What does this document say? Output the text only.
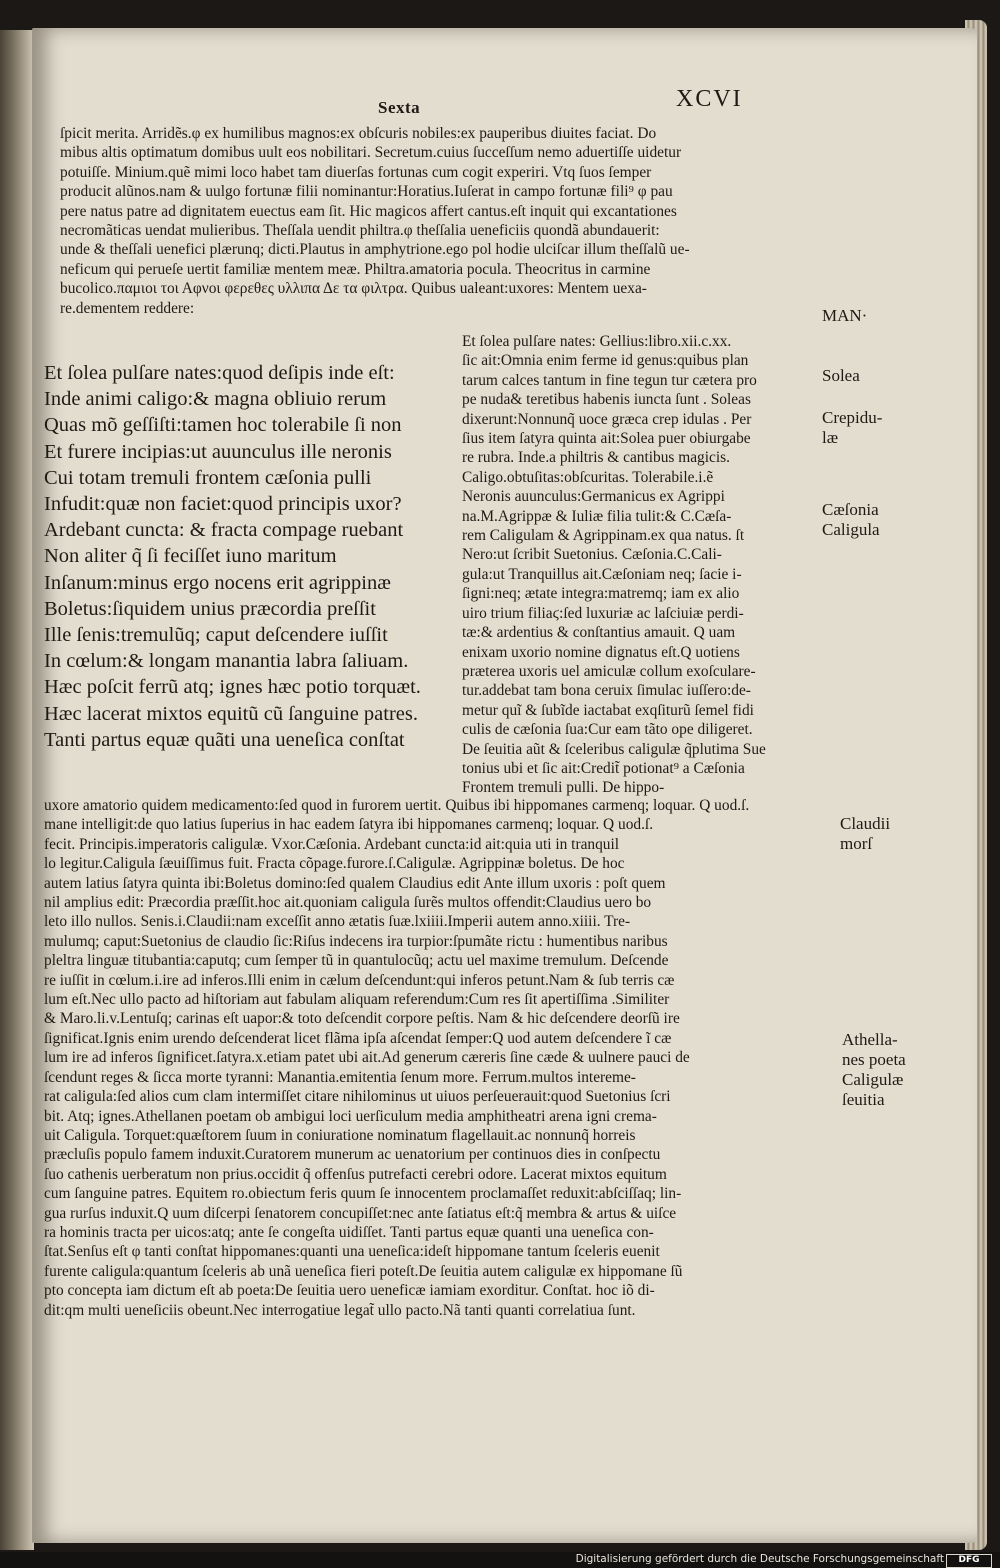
Sexta	XCVI
ſpicit merita. Arridẽs.φ ex humilibus magnos:ex obſcuris nobiles:ex pauperibus diuites faciat. Do
mibus altis optimatum domibus uult eos nobilitari. Secretum.cuius ſucceſſum nemo aduertiſſe uidetur
potuiſſe. Minium.quẽ mimi loco habet tam diuerſas fortunas cum cogit experiri. Vtq ſuos ſemper
producit alũnos.nam & uulgo fortunæ filii nominantur:Horatius.Iuſerat in campo fortunæ fili⁹ φ pau
pere natus patre ad dignitatem euectus eam ſit. Hic magicos affert cantus.eſt inquit qui excantationes
necromãticas uendat mulieribus. Theſſala uendit philtra.φ theſſalia ueneficiis quondã abundauerit:
unde & theſſali uenefici plærunq; dicti.Plautus in amphytrione.ego pol hodie ulciſcar illum theſſalũ ue-
neficum qui perueſe uertit familiæ mentem meæ. Philtra.amatoria pocula. Theocritus in carmine
bucolico.παμιοι τοι Αφνοι φερεθες υλλιπα Δε τα φιλτρα. Quibus ualeant:uxores: Mentem uexa-
re.dementem reddere:
Et ſolea pulſare nates:quod deſipis inde eſt:
Inde animi caligo:& magna obliuio rerum
Quas mõ geſſiſti:tamen hoc tolerabile ſi non
Et furere incipias:ut auunculus ille neronis
Cui totam tremuli frontem cæſonia pulli
Infudit:quæ non faciet:quod principis uxor?
Ardebant cuncta: & fracta compage ruebant
Non aliter q̃ ſi feciſſet iuno maritum
Inſanum:minus ergo nocens erit agrippinæ
Boletus:ſiquidem unius præcordia preſſit
Ille ſenis:tremulũq; caput deſcendere iuſſit
In cœlum:& longam manantia labra ſaliuam.
Hæc poſcit ferrũ atq; ignes hæc potio torquæt.
Hæc lacerat mixtos equitũ cũ ſanguine patres.
Tanti partus equæ quãti una ueneſica conſtat
Et ſolea pulſare nates: Gellius:libro.xii.c.xx.
ſic ait:Omnia enim ferme id genus:quibus plan
tarum calces tantum in fine tegun tur cætera pro
pe nuda& teretibus habenis iuncta ſunt . Soleas
dixerunt:Nonnunq̃ uoce græca crep idulas . Per
ſius item ſatyra quinta ait:Solea puer obiurgabe
re rubra. Inde.a philtris & cantibus magicis.
Caligo.obtuſitas:obſcuritas. Tolerabile.i.ẽ
Neronis auunculus:Germanicus ex Agrippi
na.M.Agrippæ & Iuliæ filia tulit:& C.Cæſa-
rem Caligulam & Agrippinam.ex qua natus. ſt
Nero:ut ſcribit Suetonius. Cæſonia.C.Cali-
gula:ut Tranquillus ait.Cæſoniam neq; ſacie i-
ſigni:neq; ætate integra:matremq; iam ex alio
uiro trium filiaϛ:ſed luxuriæ ac laſciuiæ perdi-
tæ:& ardentius & conſtantius amauit. Q uam
enixam uxorio nomine dignatus eſt.Q uotiens
præterea uxoris uel amiculæ collum exoſculare-
tur.addebat tam bona ceruix ſimulac iuſſero:de-
metur quĩ & ſubĩde iactabat exqſiturũ ſemel fidi
culis de cæſonia ſua:Cur eam tãto ope diligeret.
De ſeuitia aũt & ſceleribus caligulæ q̃plutima Sue
tonius ubi et ſic ait:Credit̃ potionat⁹ a Cæſonia
Frontem tremuli pulli. De hippo-
uxore amatorio quidem medicamento:ſed quod in furorem uertit. Quibus ibi hippomanes carmenq; loquar. Q uod.ſ.
mane intelligit:de quo latius ſuperius in hac eadem ſatyra ibi hippomanes carmenq; loquar. Q uod.ſ.
fecit. Principis.imperatoris caligulæ. Vxor.Cæſonia. Ardebant cuncta:id ait:quia uti in tranquil
lo legitur.Caligula ſæuiſſimus fuit. Fracta cõpage.furore.ſ.Caligulæ. Agrippinæ boletus. De hoc
autem latius ſatyra quinta ibi:Boletus domino:ſed qualem Claudius edit Ante illum uxoris : poſt quem
nil amplius edit: Præcordia præſſit.hoc ait.quoniam caligula ſurẽs multos offendit:Claudius uero bo
leto illo nullos. Senis.i.Claudii:nam exceſſit anno ætatis ſuæ.lxiiii.Imperii autem anno.xiiii. Tre-
mulumq; caput:Suetonius de claudio ſic:Riſus indecens ira turpior:ſpumãte rictu : humentibus naribus
pleltra linguæ titubantia:caputq; cum ſemper tũ in quantulocũq; actu uel maxime tremulum. Deſcende
re iuſſit in cœlum.i.ire ad inferos.Illi enim in cælum deſcendunt:qui inferos petunt.Nam & ſub terris cæ
lum eſt.Nec ullo pacto ad hiſtoriam aut fabulam aliquam referendum:Cum res ſit apertiſſima .Similiter
& Maro.li.v.Lentuſq; carinas eſt uapor:& toto deſcendit corpore peſtis. Nam & hic deſcendere deorſũ ire
ſignificat.Ignis enim urendo deſcenderat licet flãma ipſa aſcendat ſemper:Q uod autem deſcendere ĩ cæ
lum ire ad inferos ſignificet.ſatyra.x.etiam patet ubi ait.Ad generum cæreris ſine cæde & uulnere pauci de
ſcendunt reges & ſicca morte tyranni: Manantia.emitentia ſenum more. Ferrum.multos intereme-
rat caligula:ſed alios cum clam intermiſſet citare nihilominus ut uiuos perſeuerauit:quod Suetonius ſcri
bit. Atq; ignes.Athellanen poetam ob ambigui loci uerſiculum media amphitheatri arena igni crema-
uit Caligula. Torquet:quæſtorem ſuum in coniuratione nominatum flagellauit.ac nonnunq̃ horreis
præcluſis populo famem induxit.Curatorem munerum ac uenatorium per continuos dies in conſpectu
ſuo cathenis uerberatum non prius.occidit q̃ offenſus putrefacti cerebri odore. Lacerat mixtos equitum
cum ſanguine patres. Equitem ro.obiectum feris quum ſe innocentem proclamaſſet reduxit:abſciſſaq; lin-
gua rurſus induxit.Q uum diſcerpi ſenatorem concupiſſet:nec ante ſatiatus eſt:q̃ membra & artus & uiſce
ra hominis tracta per uicos:atq; ante ſe congeſta uidiſſet. Tanti partus equæ quanti una ueneſica con-
ſtat.Senſus eſt φ tanti conſtat hippomanes:quanti una ueneſica:ideſt hippomane tantum ſceleris euenit
furente caligula:quantum ſceleris ab unã ueneſica fieri poteſt.De ſeuitia autem caligulæ ex hippomane ſũ
pto concepta iam dictum eſt ab poeta:De ſeuitia uero ueneficæ iamiam exorditur. Conſtat. hoc iõ di-
dit:qm multi ueneſiciis obeunt.Nec interrogatiue legat̃ ullo pacto.Nã tanti quanti correlatiua ſunt.
MAN·
Solea
Crepidu-
læ
Cæſonia
Caligula
Claudii
morſ
Athella-
nes poeta
Caligulæ
ſeuitia
Digitalisierung gefördert durch die Deutsche Forschungsgemeinschaft	DFG
